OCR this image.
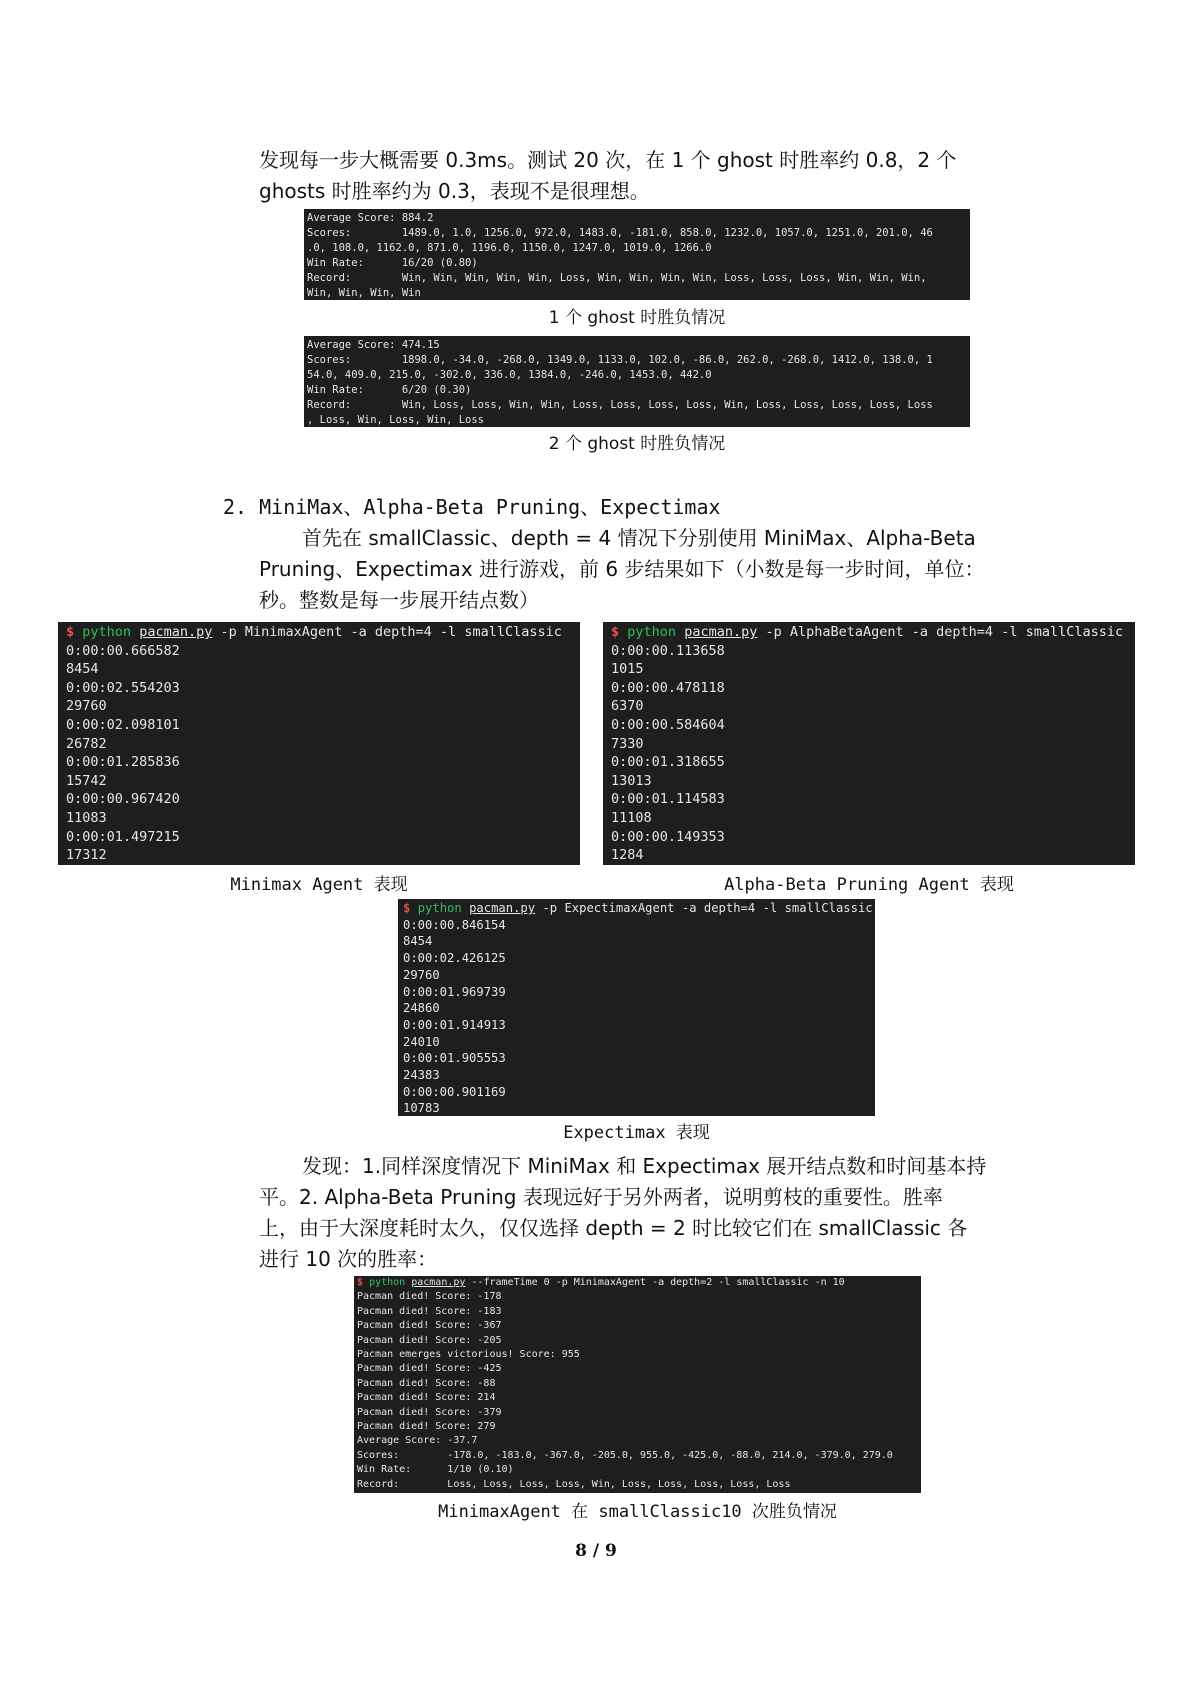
发现每一步大概需要 0.3ms。测试 20 次，在 1 个 ghost 时胜率约 0.8，2 个

ghosts 时胜率约为 0.3，表现不是很理想。

Average Score: 884.2
Scores:        1489.0, 1.0, 1256.0, 972.0, 1483.0, -181.0, 858.0, 1232.0, 1057.0, 1251.0, 201.0, 46
.0, 108.0, 1162.0, 871.0, 1196.0, 1150.0, 1247.0, 1019.0, 1266.0
Win Rate:      16/20 (0.80)
Record:        Win, Win, Win, Win, Win, Loss, Win, Win, Win, Win, Loss, Loss, Loss, Win, Win, Win,
Win, Win, Win, Win
1 个 ghost 时胜负情况
Average Score: 474.15
Scores:        1898.0, -34.0, -268.0, 1349.0, 1133.0, 102.0, -86.0, 262.0, -268.0, 1412.0, 138.0, 1
54.0, 409.0, 215.0, -302.0, 336.0, 1384.0, -246.0, 1453.0, 442.0
Win Rate:      6/20 (0.30)
Record:        Win, Loss, Loss, Win, Win, Loss, Loss, Loss, Loss, Win, Loss, Loss, Loss, Loss, Loss
, Loss, Win, Loss, Win, Loss
2 个 ghost 时胜负情况

2. MiniMax、Alpha-Beta Pruning、Expectimax

首先在 smallClassic、depth = 4 情况下分别使用 MiniMax、Alpha-Beta

Pruning、Expectimax 进行游戏，前 6 步结果如下（小数是每一步时间，单位：

秒。整数是每一步展开结点数）

$ python pacman.py -p MinimaxAgent -a depth=4 -l smallClassic
0:00:00.666582
8454
0:00:02.554203
29760
0:00:02.098101
26782
0:00:01.285836
15742
0:00:00.967420
11083
0:00:01.497215
17312
Minimax Agent 表现
$ python pacman.py -p AlphaBetaAgent -a depth=4 -l smallClassic
0:00:00.113658
1015
0:00:00.478118
6370
0:00:00.584604
7330
0:00:01.318655
13013
0:00:01.114583
11108
0:00:00.149353
1284
Alpha-Beta Pruning Agent 表现
$ python pacman.py -p ExpectimaxAgent -a depth=4 -l smallClassic
0:00:00.846154
8454
0:00:02.426125
29760
0:00:01.969739
24860
0:00:01.914913
24010
0:00:01.905553
24383
0:00:00.901169
10783
Expectimax 表现

发现：1.同样深度情况下 MiniMax 和 Expectimax 展开结点数和时间基本持

平。2. Alpha-Beta Pruning 表现远好于另外两者，说明剪枝的重要性。胜率

上，由于大深度耗时太久，仅仅选择 depth = 2 时比较它们在 smallClassic 各

进行 10 次的胜率：

$ python pacman.py --frameTime 0 -p MinimaxAgent -a depth=2 -l smallClassic -n 10
Pacman died! Score: -178
Pacman died! Score: -183
Pacman died! Score: -367
Pacman died! Score: -205
Pacman emerges victorious! Score: 955
Pacman died! Score: -425
Pacman died! Score: -88
Pacman died! Score: 214
Pacman died! Score: -379
Pacman died! Score: 279
Average Score: -37.7
Scores:        -178.0, -183.0, -367.0, -205.0, 955.0, -425.0, -88.0, 214.0, -379.0, 279.0
Win Rate:      1/10 (0.10)
Record:        Loss, Loss, Loss, Loss, Win, Loss, Loss, Loss, Loss, Loss
MinimaxAgent 在 smallClassic10 次胜负情况
8 / 9
